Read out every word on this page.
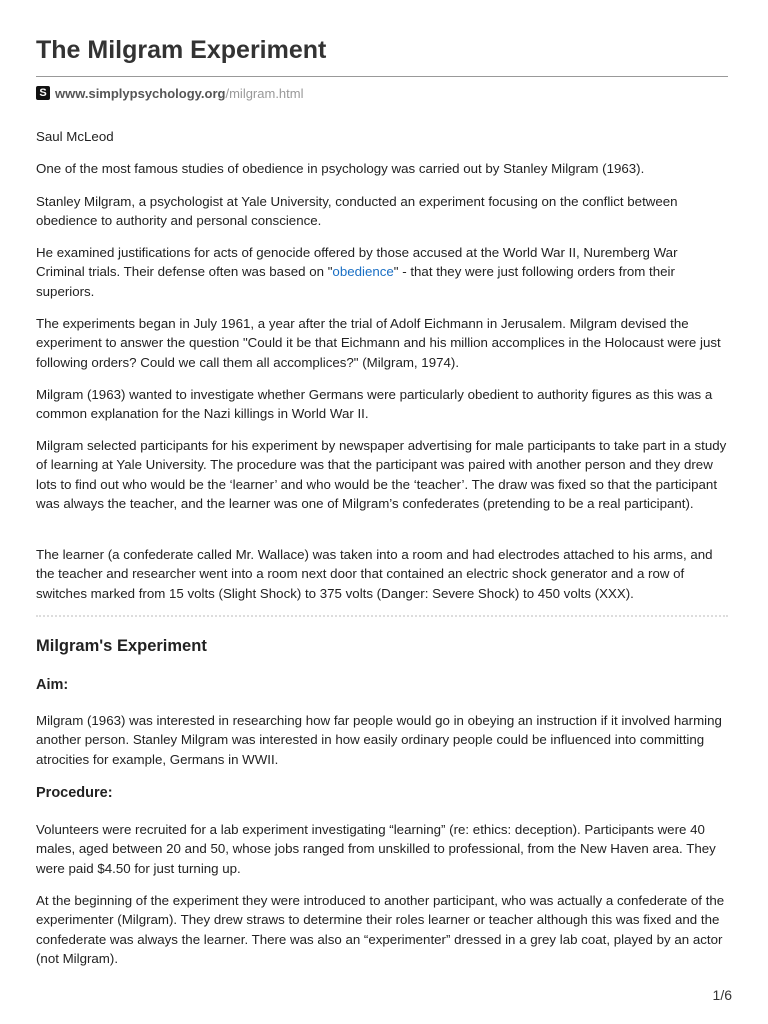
The Milgram Experiment
S www.simplypsychology.org /milgram.html

Saul McLeod

One of the most famous studies of obedience in psychology was carried out by Stanley Milgram (1963).

Stanley Milgram, a psychologist at Yale University, conducted an experiment focusing on the conflict between obedience to authority and personal conscience.

He examined justifications for acts of genocide offered by those accused at the World War II, Nuremberg War Criminal trials. Their defense often was based on "obedience" - that they were just following orders from their superiors.

The experiments began in July 1961, a year after the trial of Adolf Eichmann in Jerusalem. Milgram devised the experiment to answer the question "Could it be that Eichmann and his million accomplices in the Holocaust were just following orders? Could we call them all accomplices?" (Milgram, 1974).

Milgram (1963) wanted to investigate whether Germans were particularly obedient to authority figures as this was a common explanation for the Nazi killings in World War II.

Milgram selected participants for his experiment by newspaper advertising for male participants to take part in a study of learning at Yale University. The procedure was that the participant was paired with another person and they drew lots to find out who would be the ‘learner’ and who would be the ‘teacher’. The draw was fixed so that the participant was always the teacher, and the learner was one of Milgram’s confederates (pretending to be a real participant).

The learner (a confederate called Mr. Wallace) was taken into a room and had electrodes attached to his arms, and the teacher and researcher went into a room next door that contained an electric shock generator and a row of switches marked from 15 volts (Slight Shock) to 375 volts (Danger: Severe Shock) to 450 volts (XXX).

Milgram's Experiment
Aim:

Milgram (1963) was interested in researching how far people would go in obeying an instruction if it involved harming another person. Stanley Milgram was interested in how easily ordinary people could be influenced into committing atrocities for example, Germans in WWII.

Procedure:

Volunteers were recruited for a lab experiment investigating “learning” (re: ethics: deception). Participants were 40 males, aged between 20 and 50, whose jobs ranged from unskilled to professional, from the New Haven area. They were paid $4.50 for just turning up.

At the beginning of the experiment they were introduced to another participant, who was actually a confederate of the experimenter (Milgram). They drew straws to determine their roles learner or teacher although this was fixed and the confederate was always the learner. There was also an “experimenter” dressed in a grey lab coat, played by an actor (not Milgram).

1/6
